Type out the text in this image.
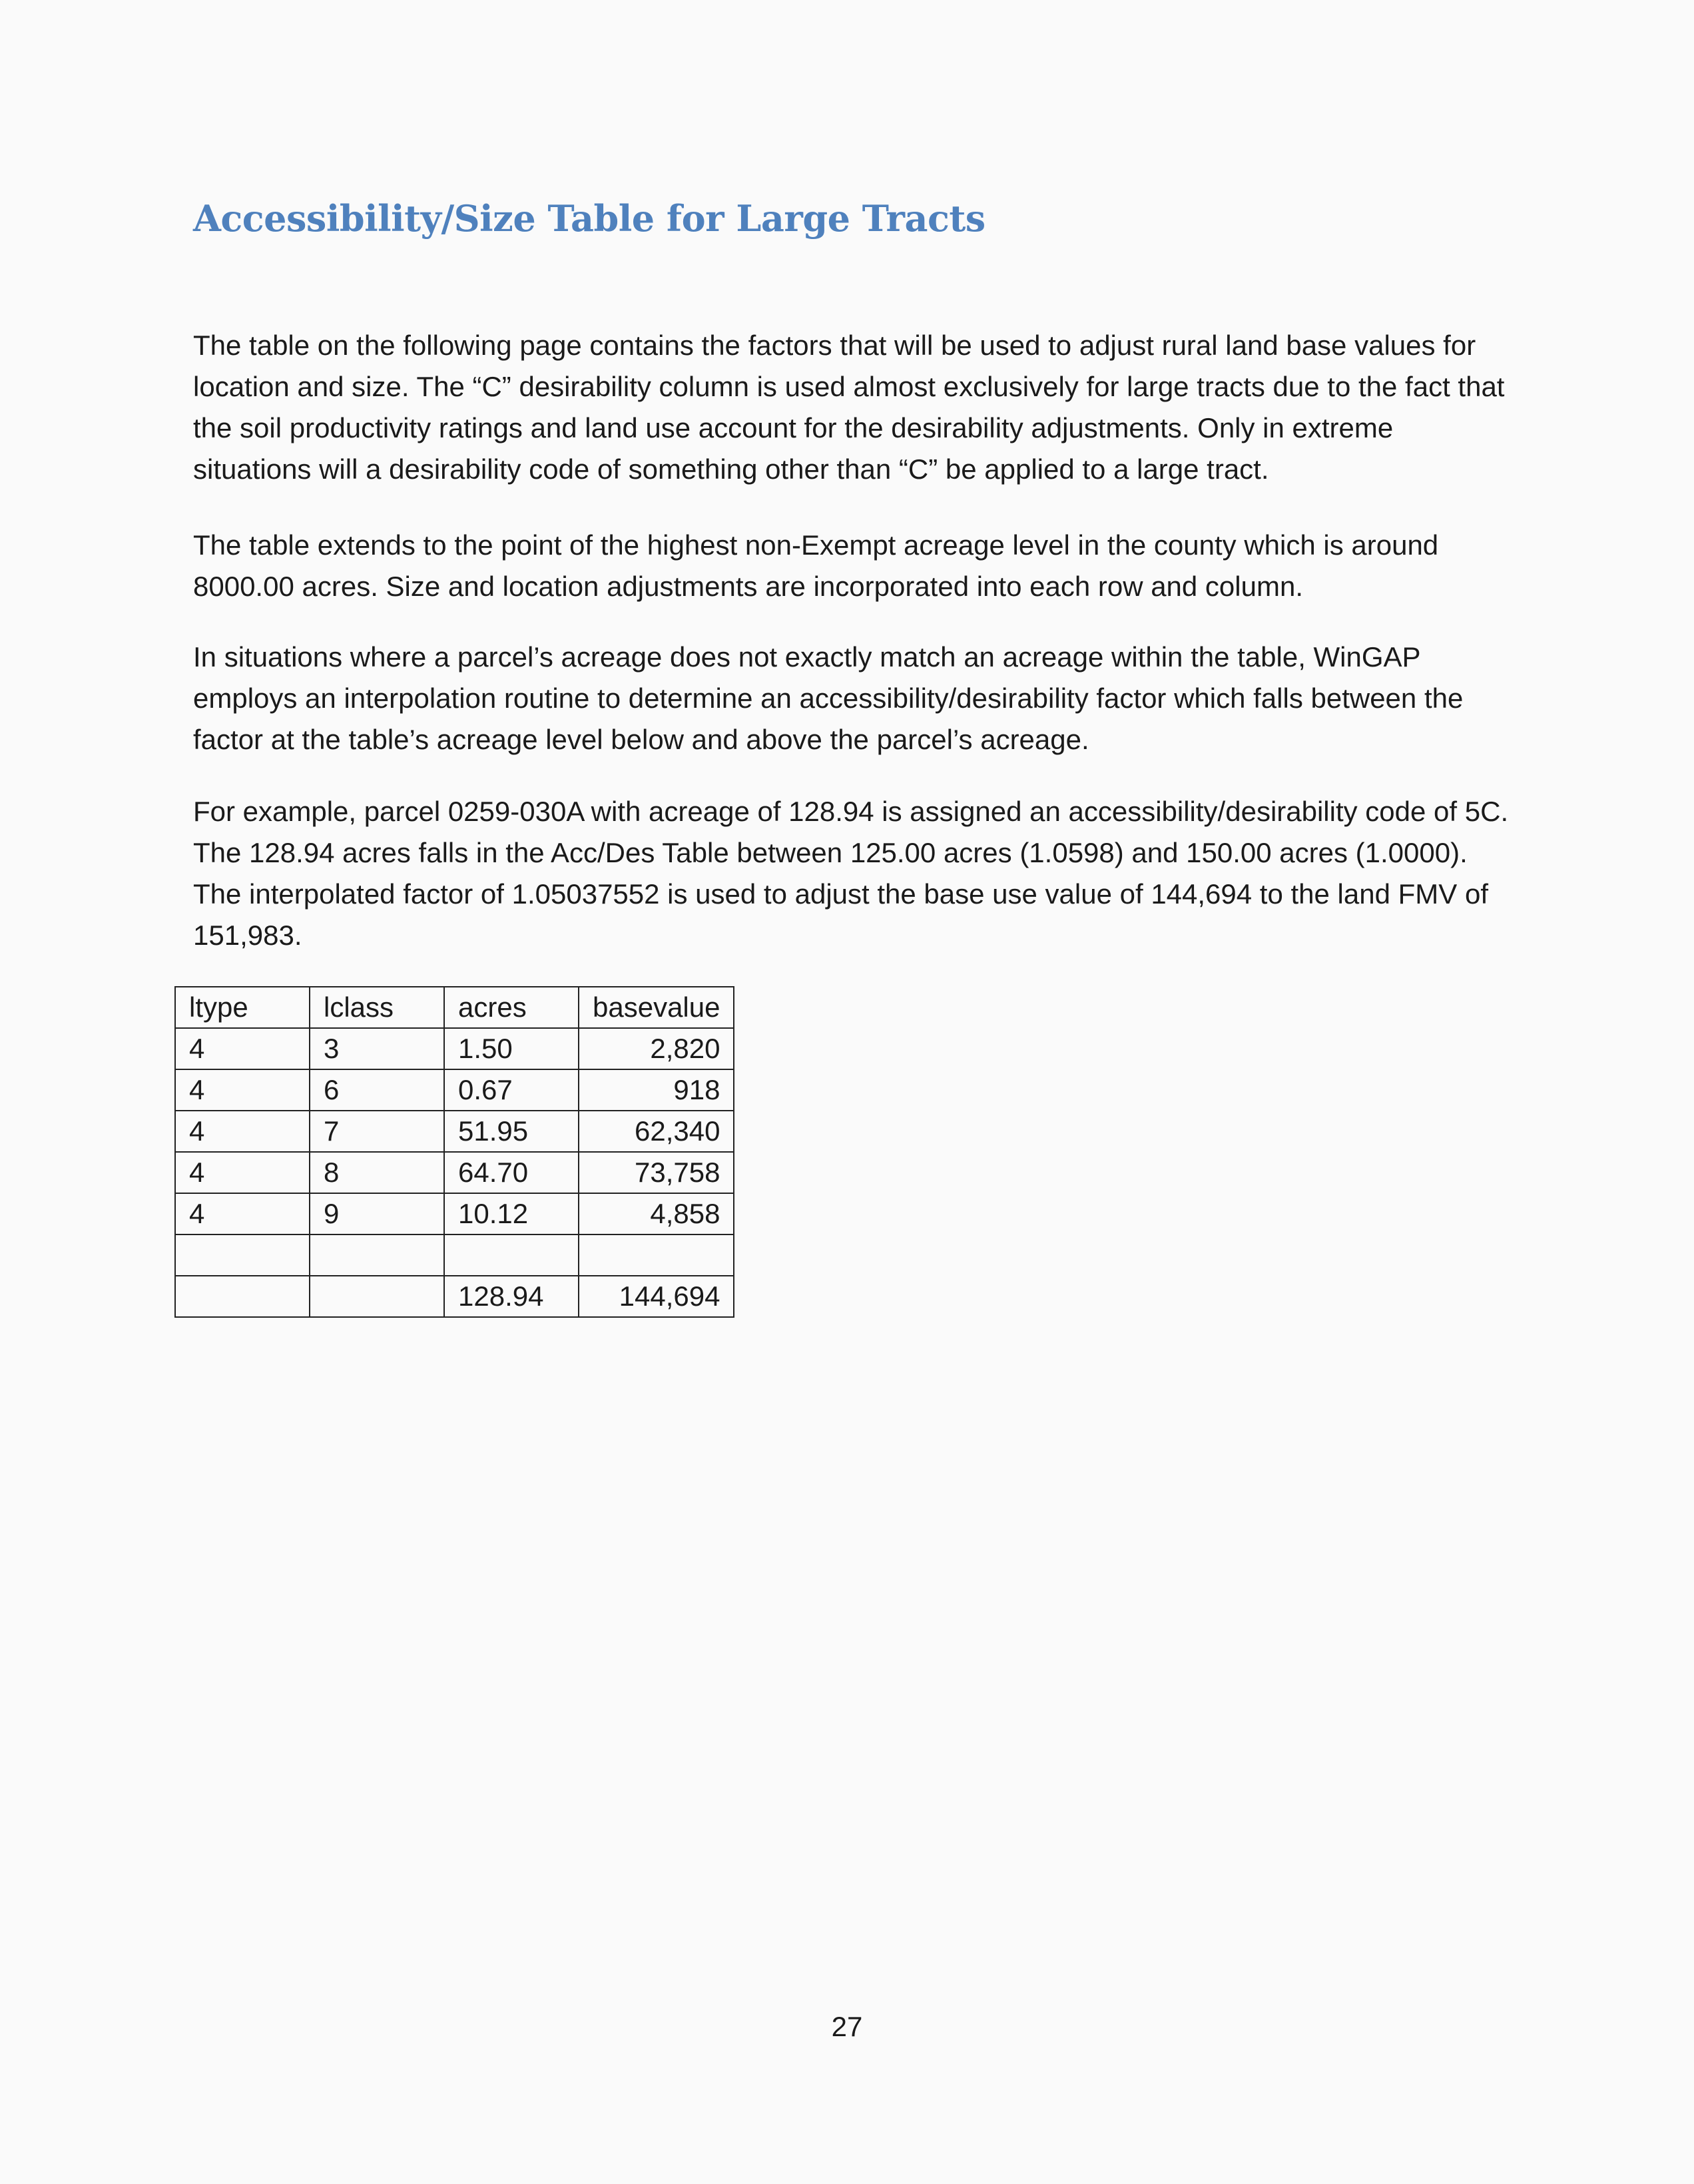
Accessibility/Size Table for Large Tracts

The table on the following page contains the factors that will be used to adjust rural land base values for location and size. The “C” desirability column is used almost exclusively for large tracts due to the fact that the soil productivity ratings and land use account for the desirability adjustments. Only in extreme situations will a desirability code of something other than “C” be applied to a large tract.

The table extends to the point of the highest non-Exempt acreage level in the county which is around 8000.00 acres. Size and location adjustments are incorporated into each row and column.

In situations where a parcel’s acreage does not exactly match an acreage within the table, WinGAP employs an interpolation routine to determine an accessibility/desirability factor which falls between the factor at the table’s acreage level below and above the parcel’s acreage.

For example, parcel 0259-030A with acreage of 128.94 is assigned an accessibility/desirability code of 5C. The 128.94 acres falls in the Acc/Des Table between 125.00 acres (1.0598) and 150.00 acres (1.0000). The interpolated factor of 1.05037552 is used to adjust the base use value of 144,694 to the land FMV of 151,983.

ltype	lclass	acres	basevalue
4	3	1.50	2,820
4	6	0.67	918
4	7	51.95	62,340
4	8	64.70	73,758
4	9	10.12	4,858

		128.94	144,694
27
